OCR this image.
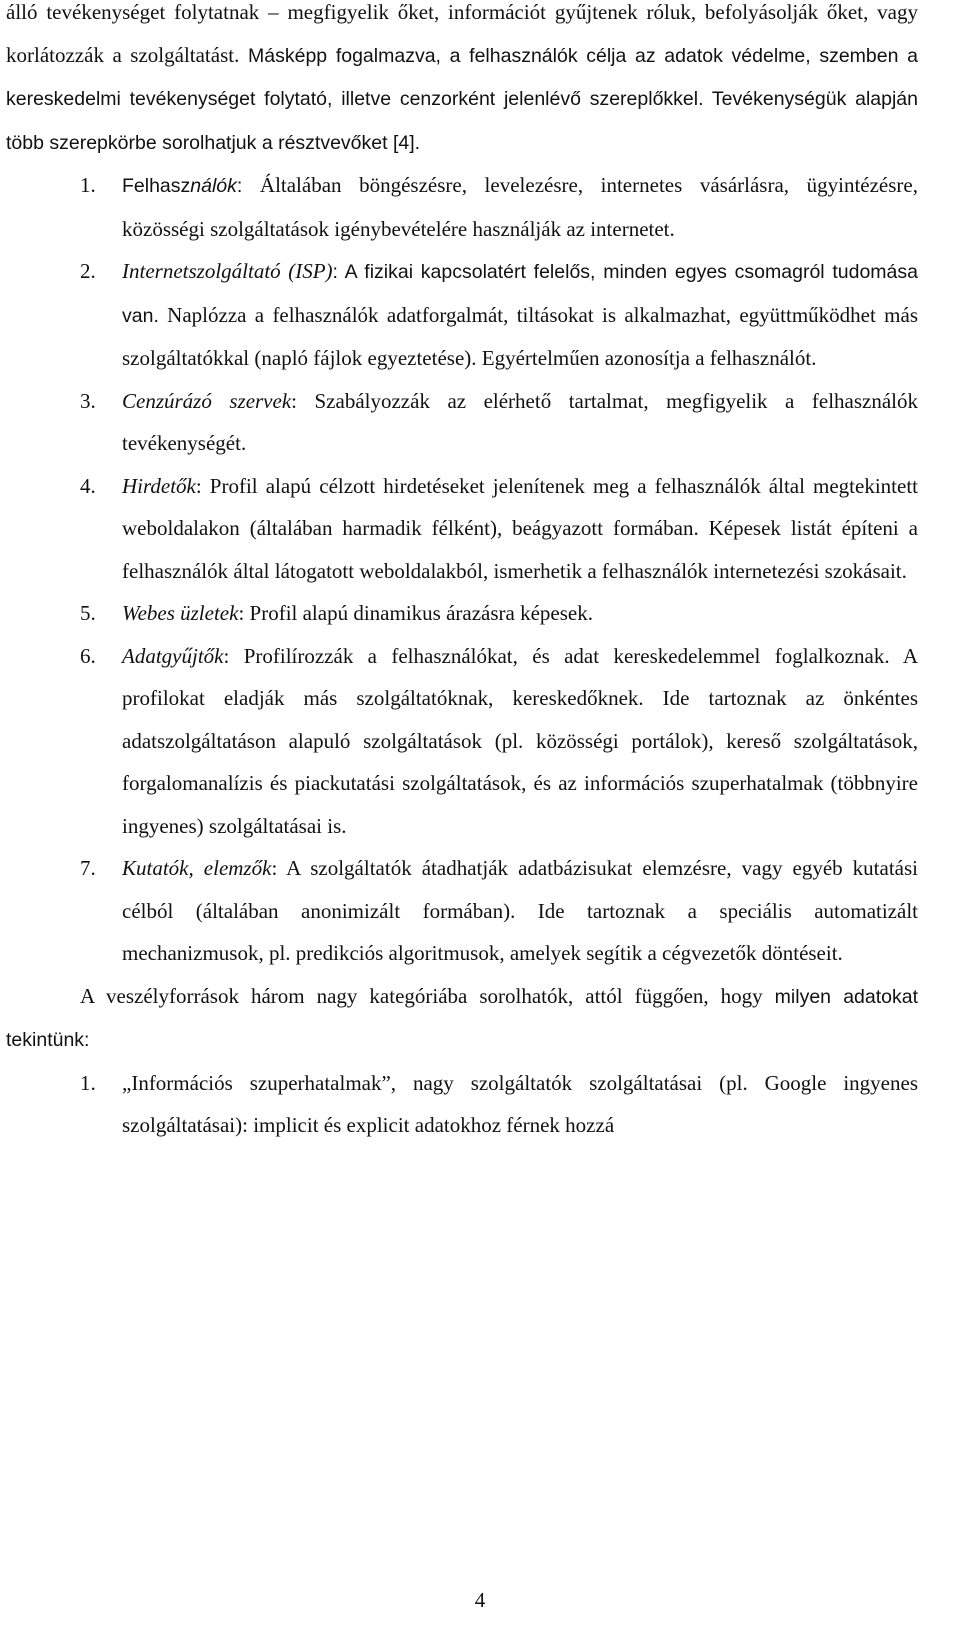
álló tevékenységet folytatnak – megfigyelik őket, információt gyűjtenek róluk, befolyásolják őket, vagy korlátozzák a szolgáltatást. Másképp fogalmazva, a felhasználók célja az adatok védelme, szemben a kereskedelmi tevékenységet folytató, illetve cenzorként jelenlévő szereplőkkel. Tevékenységük alapján több szerepkörbe sorolhatjuk a résztvevőket [4].

1. Felhasználók: Általában böngészésre, levelezésre, internetes vásárlásra, ügyintézésre, közösségi szolgáltatások igénybevételére használják az internetet.
2. Internetszolgáltató (ISP): A fizikai kapcsolatért felelős, minden egyes csomagról tudomása van. Naplózza a felhasználók adatforgalmát, tiltásokat is alkalmazhat, együttműködhet más szolgáltatókkal (napló fájlok egyeztetése). Egyértelműen azonosítja a felhasználót.
3. Cenzúrázó szervek: Szabályozzák az elérhető tartalmat, megfigyelik a felhasználók tevékenységét.
4. Hirdetők: Profil alapú célzott hirdetéseket jelenítenek meg a felhasználók által megtekintett weboldalakon (általában harmadik félként), beágyazott formában. Képesek listát építeni a felhasználók által látogatott weboldalakból, ismerhetik a felhasználók internetezési szokásait.
5. Webes üzletek: Profil alapú dinamikus árazásra képesek.
6. Adatgyűjtők: Profilírozzák a felhasználókat, és adat kereskedelemmel foglalkoznak. A profilokat eladják más szolgáltatóknak, kereskedőknek. Ide tartoznak az önkéntes adatszolgáltatáson alapuló szolgáltatások (pl. közösségi portálok), kereső szolgáltatások, forgalomanalízis és piackutatási szolgáltatások, és az információs szuperhatalmak (többnyire ingyenes) szolgáltatásai is.
7. Kutatók, elemzők: A szolgáltatók átadhatják adatbázisukat elemzésre, vagy egyéb kutatási célból (általában anonimizált formában). Ide tartoznak a speciális automatizált mechanizmusok, pl. predikciós algoritmusok, amelyek segítik a cégvezetők döntéseit.

A veszélyforrások három nagy kategóriába sorolhatók, attól függően, hogy milyen adatokat tekintünk:

1. „Információs szuperhatalmak”, nagy szolgáltatók szolgáltatásai (pl. Google ingyenes szolgáltatásai): implicit és explicit adatokhoz férnek hozzá
4
